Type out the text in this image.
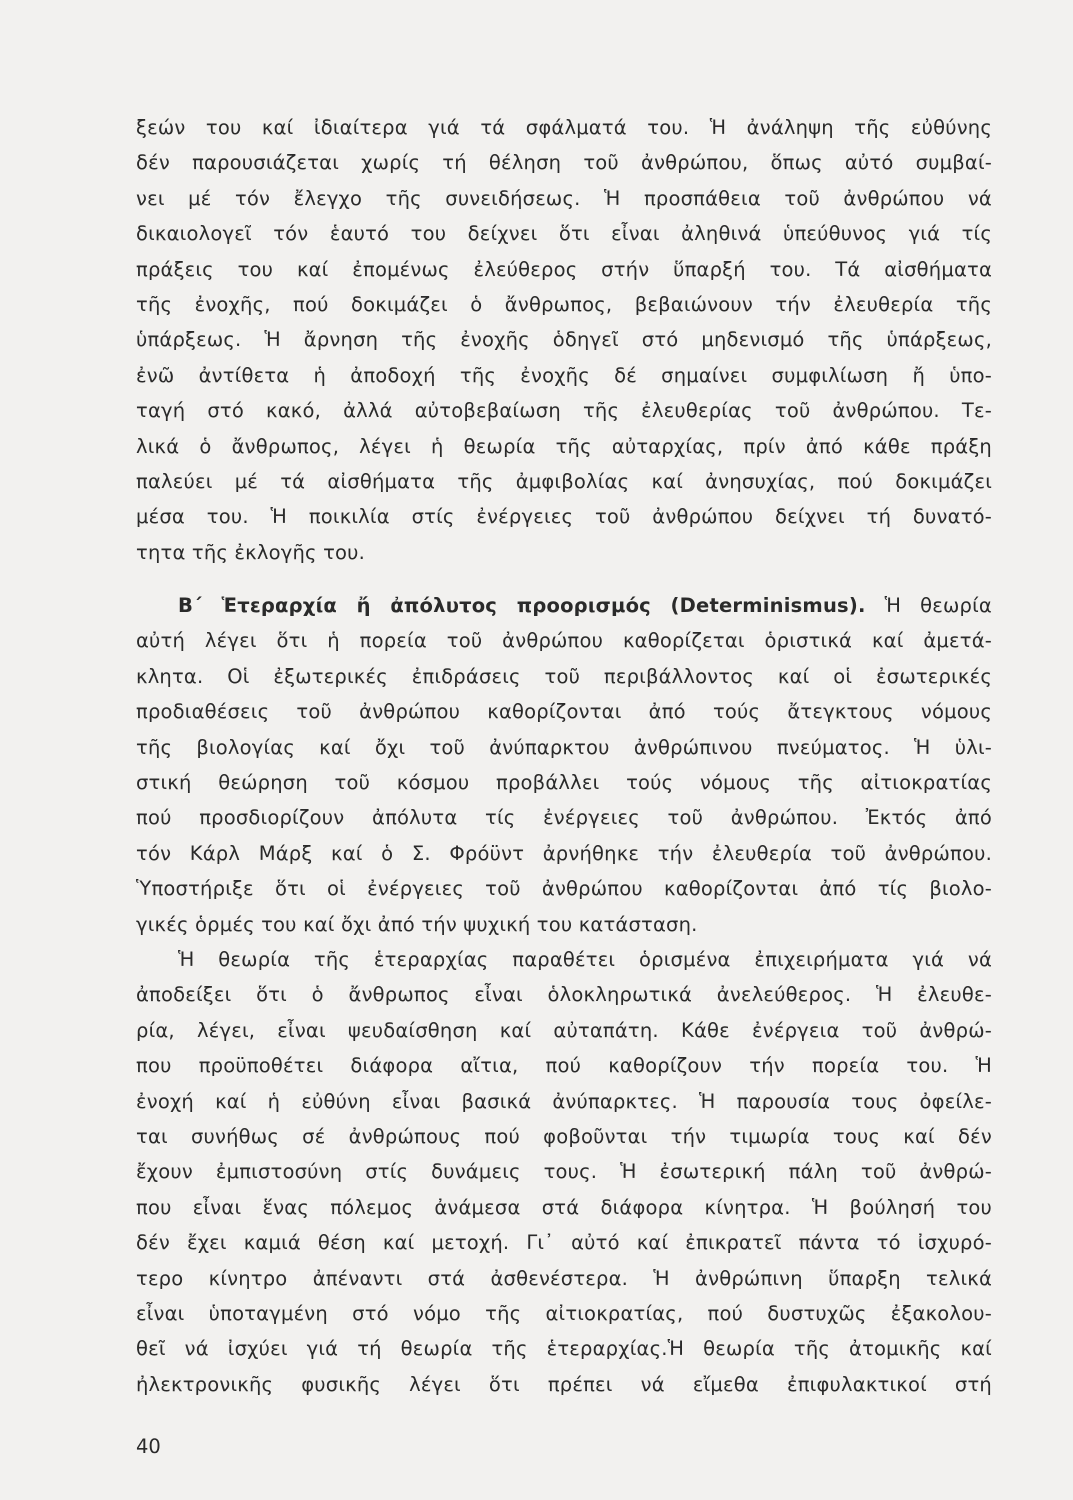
ξεών του καί ἰδιαίτερα γιά τά σφάλματά του. Ἡ ἀνάληψη τῆς εὐθύνης
δέν παρουσιάζεται χωρίς τή θέληση τοῦ ἀνθρώπου, ὅπως αὐτό συμβαί-
νει μέ τόν ἔλεγχο τῆς συνειδήσεως. Ἡ προσπάθεια τοῦ ἀνθρώπου νά
δικαιολογεῖ τόν ἑαυτό του δείχνει ὅτι εἶναι ἀληθινά ὑπεύθυνος γιά τίς
πράξεις του καί ἐπομένως ἐλεύθερος στήν ὕπαρξή του. Τά αἰσθήματα
τῆς ἐνοχῆς, πού δοκιμάζει ὁ ἄνθρωπος, βεβαιώνουν τήν ἐλευθερία τῆς
ὑπάρξεως. Ἡ ἄρνηση τῆς ἐνοχῆς ὁδηγεῖ στό μηδενισμό τῆς ὑπάρξεως,
ἐνῶ ἀντίθετα ἡ ἀποδοχή τῆς ἐνοχῆς δέ σημαίνει συμφιλίωση ἤ ὑπο-
ταγή στό κακό, ἀλλά αὐτοβεβαίωση τῆς ἐλευθερίας τοῦ ἀνθρώπου. Τε-
λικά ὁ ἄνθρωπος, λέγει ἡ θεωρία τῆς αὐταρχίας, πρίν ἀπό κάθε πράξη
παλεύει μέ τά αἰσθήματα τῆς ἀμφιβολίας καί ἀνησυχίας, πού δοκιμάζει
μέσα του. Ἡ ποικιλία στίς ἐνέργειες τοῦ ἀνθρώπου δείχνει τή δυνατό-
τητα τῆς ἐκλογῆς του.
Β΄ Ἑτεραρχία ἤ ἀπόλυτος προορισμός (Determinismus). Ἡ θεωρία
αὐτή λέγει ὅτι ἡ πορεία τοῦ ἀνθρώπου καθορίζεται ὁριστικά καί ἀμετά-
κλητα. Οἱ ἐξωτερικές ἐπιδράσεις τοῦ περιβάλλοντος καί οἱ ἐσωτερικές
προδιαθέσεις τοῦ ἀνθρώπου καθορίζονται ἀπό τούς ἄτεγκτους νόμους
τῆς βιολογίας καί ὄχι τοῦ ἀνύπαρκτου ἀνθρώπινου πνεύματος. Ἡ ὑλι-
στική θεώρηση τοῦ κόσμου προβάλλει τούς νόμους τῆς αἰτιοκρατίας
πού προσδιορίζουν ἀπόλυτα τίς ἐνέργειες τοῦ ἀνθρώπου. Ἐκτός ἀπό
τόν Κάρλ Μάρξ καί ὁ Σ. Φρόϋντ ἀρνήθηκε τήν ἐλευθερία τοῦ ἀνθρώπου.
Ὑποστήριξε ὅτι οἱ ἐνέργειες τοῦ ἀνθρώπου καθορίζονται ἀπό τίς βιολο-
γικές ὁρμές του καί ὄχι ἀπό τήν ψυχική του κατάσταση.
Ἡ θεωρία τῆς ἑτεραρχίας παραθέτει ὁρισμένα ἐπιχειρήματα γιά νά
ἀποδείξει ὅτι ὁ ἄνθρωπος εἶναι ὁλοκληρωτικά ἀνελεύθερος. Ἡ ἐλευθε-
ρία, λέγει, εἶναι ψευδαίσθηση καί αὐταπάτη. Κάθε ἐνέργεια τοῦ ἀνθρώ-
που προϋποθέτει διάφορα αἴτια, πού καθορίζουν τήν πορεία του. Ἡ
ἐνοχή καί ἡ εὐθύνη εἶναι βασικά ἀνύπαρκτες. Ἡ παρουσία τους ὀφείλε-
ται συνήθως σέ ἀνθρώπους πού φοβοῦνται τήν τιμωρία τους καί δέν
ἔχουν ἐμπιστοσύνη στίς δυνάμεις τους. Ἡ ἐσωτερική πάλη τοῦ ἀνθρώ-
που εἶναι ἕνας πόλεμος ἀνάμεσα στά διάφορα κίνητρα. Ἡ βούλησή του
δέν ἔχει καμιά θέση καί μετοχή. Γι᾿ αὐτό καί ἐπικρατεῖ πάντα τό ἰσχυρό-
τερο κίνητρο ἀπέναντι στά ἀσθενέστερα. Ἡ ἀνθρώπινη ὕπαρξη τελικά
εἶναι ὑποταγμένη στό νόμο τῆς αἰτιοκρατίας, πού δυστυχῶς ἐξακολου-
θεῖ νά ἰσχύει γιά τή θεωρία τῆς ἑτεραρχίας.Ἡ θεωρία τῆς ἀτομικῆς καί
ἠλεκτρονικῆς φυσικῆς λέγει ὅτι πρέπει νά εἴμεθα ἐπιφυλακτικοί στή
40
